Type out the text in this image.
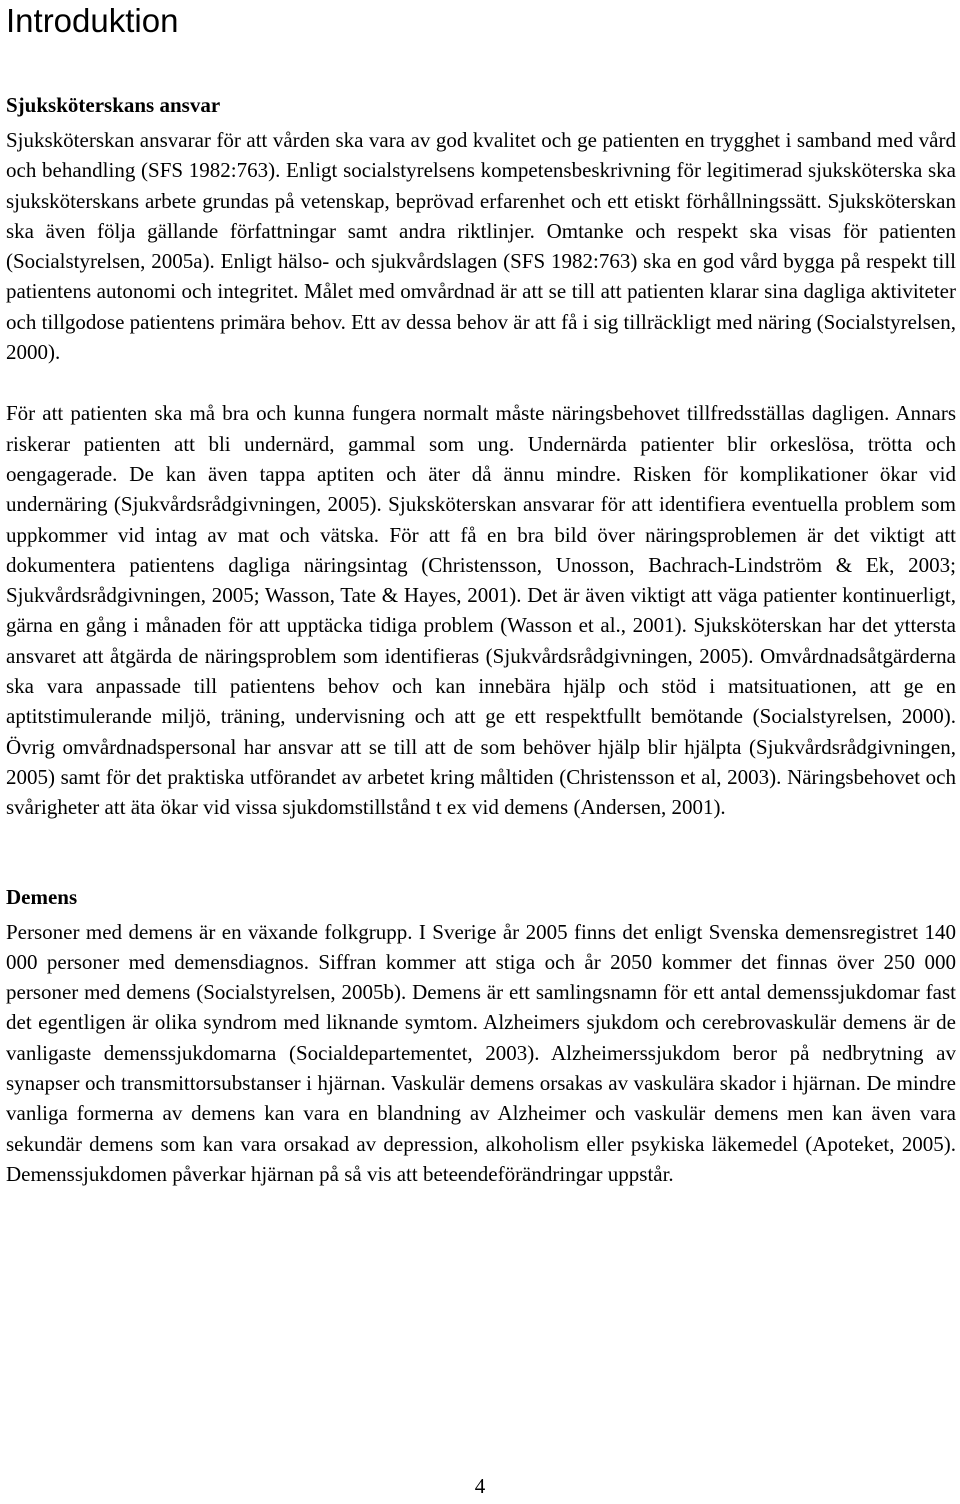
Introduktion
Sjuksköterskans ansvar

Sjuksköterskan ansvarar för att vården ska vara av god kvalitet och ge patienten en trygghet i samband med vård och behandling (SFS 1982:763). Enligt socialstyrelsens kompetensbeskrivning för legitimerad sjuksköterska ska sjuksköterskans arbete grundas på vetenskap, beprövad erfarenhet och ett etiskt förhållningssätt. Sjuksköterskan ska även följa gällande författningar samt andra riktlinjer. Omtanke och respekt ska visas för patienten (Socialstyrelsen, 2005a). Enligt hälso- och sjukvårdslagen (SFS 1982:763) ska en god vård bygga på respekt till patientens autonomi och integritet. Målet med omvårdnad är att se till att patienten klarar sina dagliga aktiviteter och tillgodose patientens primära behov. Ett av dessa behov är att få i sig tillräckligt med näring (Socialstyrelsen, 2000).

För att patienten ska må bra och kunna fungera normalt måste näringsbehovet tillfredsställas dagligen. Annars riskerar patienten att bli undernärd, gammal som ung. Undernärda patienter blir orkeslösa, trötta och oengagerade. De kan även tappa aptiten och äter då ännu mindre. Risken för komplikationer ökar vid undernäring (Sjukvårdsrådgivningen, 2005). Sjuksköterskan ansvarar för att identifiera eventuella problem som uppkommer vid intag av mat och vätska. För att få en bra bild över näringsproblemen är det viktigt att dokumentera patientens dagliga näringsintag (Christensson, Unosson, Bachrach-Lindström & Ek, 2003; Sjukvårdsrådgivningen, 2005; Wasson, Tate & Hayes, 2001). Det är även viktigt att väga patienter kontinuerligt, gärna en gång i månaden för att upptäcka tidiga problem (Wasson et al., 2001). Sjuksköterskan har det yttersta ansvaret att åtgärda de näringsproblem som identifieras (Sjukvårdsrådgivningen, 2005). Omvårdnadsåtgärderna ska vara anpassade till patientens behov och kan innebära hjälp och stöd i matsituationen, att ge en aptitstimulerande miljö, träning, undervisning och att ge ett respektfullt bemötande (Socialstyrelsen, 2000). Övrig omvårdnadspersonal har ansvar att se till att de som behöver hjälp blir hjälpta (Sjukvårdsrådgivningen, 2005) samt för det praktiska utförandet av arbetet kring måltiden (Christensson et al, 2003). Näringsbehovet och svårigheter att äta ökar vid vissa sjukdomstillstånd t ex vid demens (Andersen, 2001).

Demens

Personer med demens är en växande folkgrupp. I Sverige år 2005 finns det enligt Svenska demensregistret 140 000 personer med demensdiagnos. Siffran kommer att stiga och år 2050 kommer det finnas över 250 000 personer med demens (Socialstyrelsen, 2005b). Demens är ett samlingsnamn för ett antal demenssjukdomar fast det egentligen är olika syndrom med liknande symtom. Alzheimers sjukdom och cerebrovaskulär demens är de vanligaste demenssjukdomarna (Socialdepartementet, 2003). Alzheimerssjukdom beror på nedbrytning av synapser och transmittorsubstanser i hjärnan. Vaskulär demens orsakas av vaskulära skador i hjärnan. De mindre vanliga formerna av demens kan vara en blandning av Alzheimer och vaskulär demens men kan även vara sekundär demens som kan vara orsakad av depression, alkoholism eller psykiska läkemedel (Apoteket, 2005). Demenssjukdomen påverkar hjärnan på så vis att beteendeförändringar uppstår.

4
